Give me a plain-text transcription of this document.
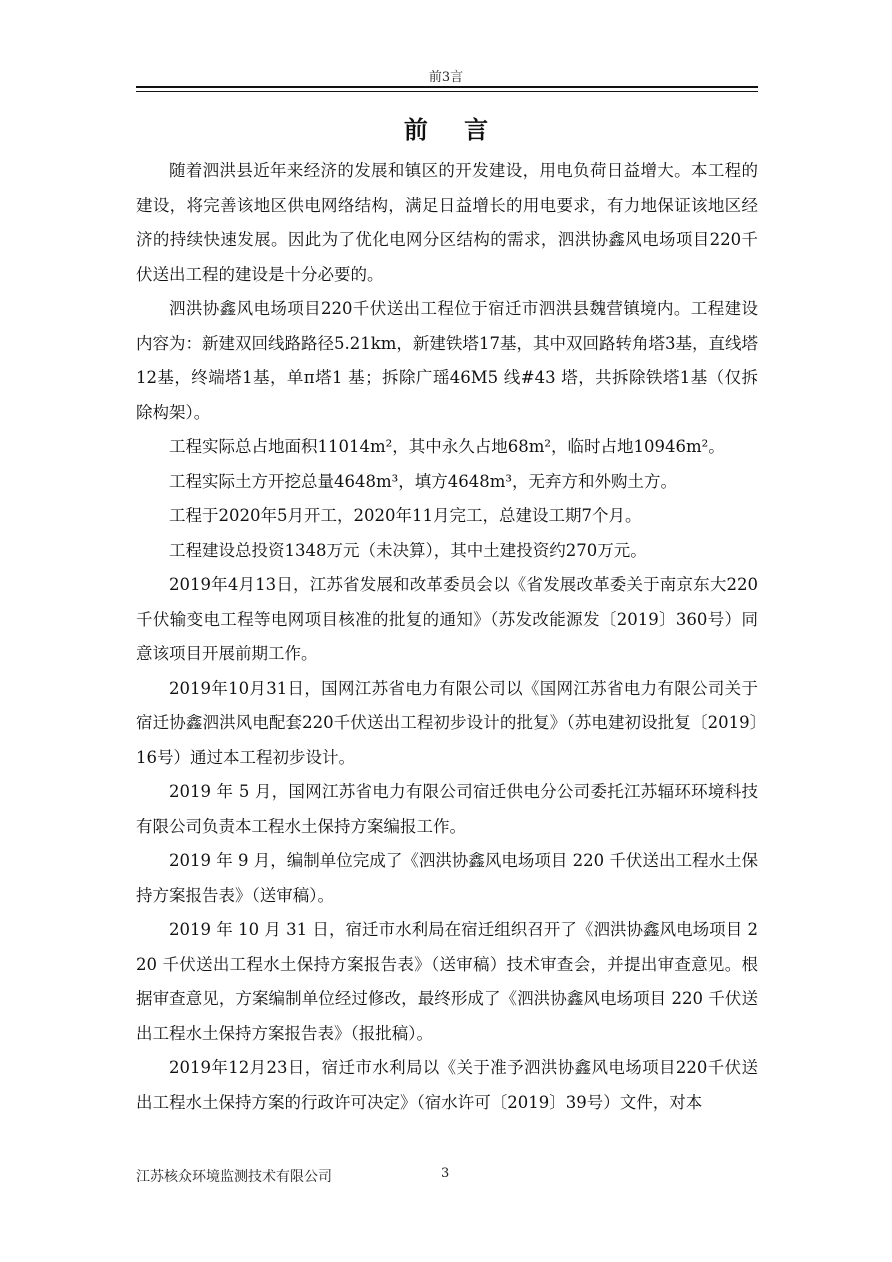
前3言
前 言

随着泗洪县近年来经济的发展和镇区的开发建设，用电负荷日益增大。本工程的建设，将完善该地区供电网络结构，满足日益增长的用电要求，有力地保证该地区经济的持续快速发展。因此为了优化电网分区结构的需求，泗洪协鑫风电场项目220千伏送出工程的建设是十分必要的。

泗洪协鑫风电场项目220千伏送出工程位于宿迁市泗洪县魏营镇境内。工程建设内容为：新建双回线路路径5.21km，新建铁塔17基，其中双回路转角塔3基，直线塔12基，终端塔1基，单π塔1 基；拆除广瑶46M5 线#43 塔，共拆除铁塔1基（仅拆除构架）。

工程实际总占地面积11014m²，其中永久占地68m²，临时占地10946m²。

工程实际土方开挖总量4648m³，填方4648m³，无弃方和外购土方。

工程于2020年5月开工，2020年11月完工，总建设工期7个月。

工程建设总投资1348万元（未决算），其中土建投资约270万元。

2019年4月13日，江苏省发展和改革委员会以《省发展改革委关于南京东大220千伏输变电工程等电网项目核准的批复的通知》（苏发改能源发〔2019〕360号）同意该项目开展前期工作。

2019年10月31日，国网江苏省电力有限公司以《国网江苏省电力有限公司关于宿迁协鑫泗洪风电配套220千伏送出工程初步设计的批复》（苏电建初设批复〔2019〕16号）通过本工程初步设计。

2019 年 5 月，国网江苏省电力有限公司宿迁供电分公司委托江苏辐环环境科技有限公司负责本工程水土保持方案编报工作。

2019 年 9 月，编制单位完成了《泗洪协鑫风电场项目 220 千伏送出工程水土保持方案报告表》（送审稿）。

2019 年 10 月 31 日，宿迁市水利局在宿迁组织召开了《泗洪协鑫风电场项目 220 千伏送出工程水土保持方案报告表》（送审稿）技术审查会，并提出审查意见。根据审查意见，方案编制单位经过修改，最终形成了《泗洪协鑫风电场项目 220 千伏送出工程水土保持方案报告表》（报批稿）。

2019年12月23日，宿迁市水利局以《关于准予泗洪协鑫风电场项目220千伏送出工程水土保持方案的行政许可决定》（宿水许可〔2019〕39号）文件，对本

江苏核众环境监测技术有限公司	3
